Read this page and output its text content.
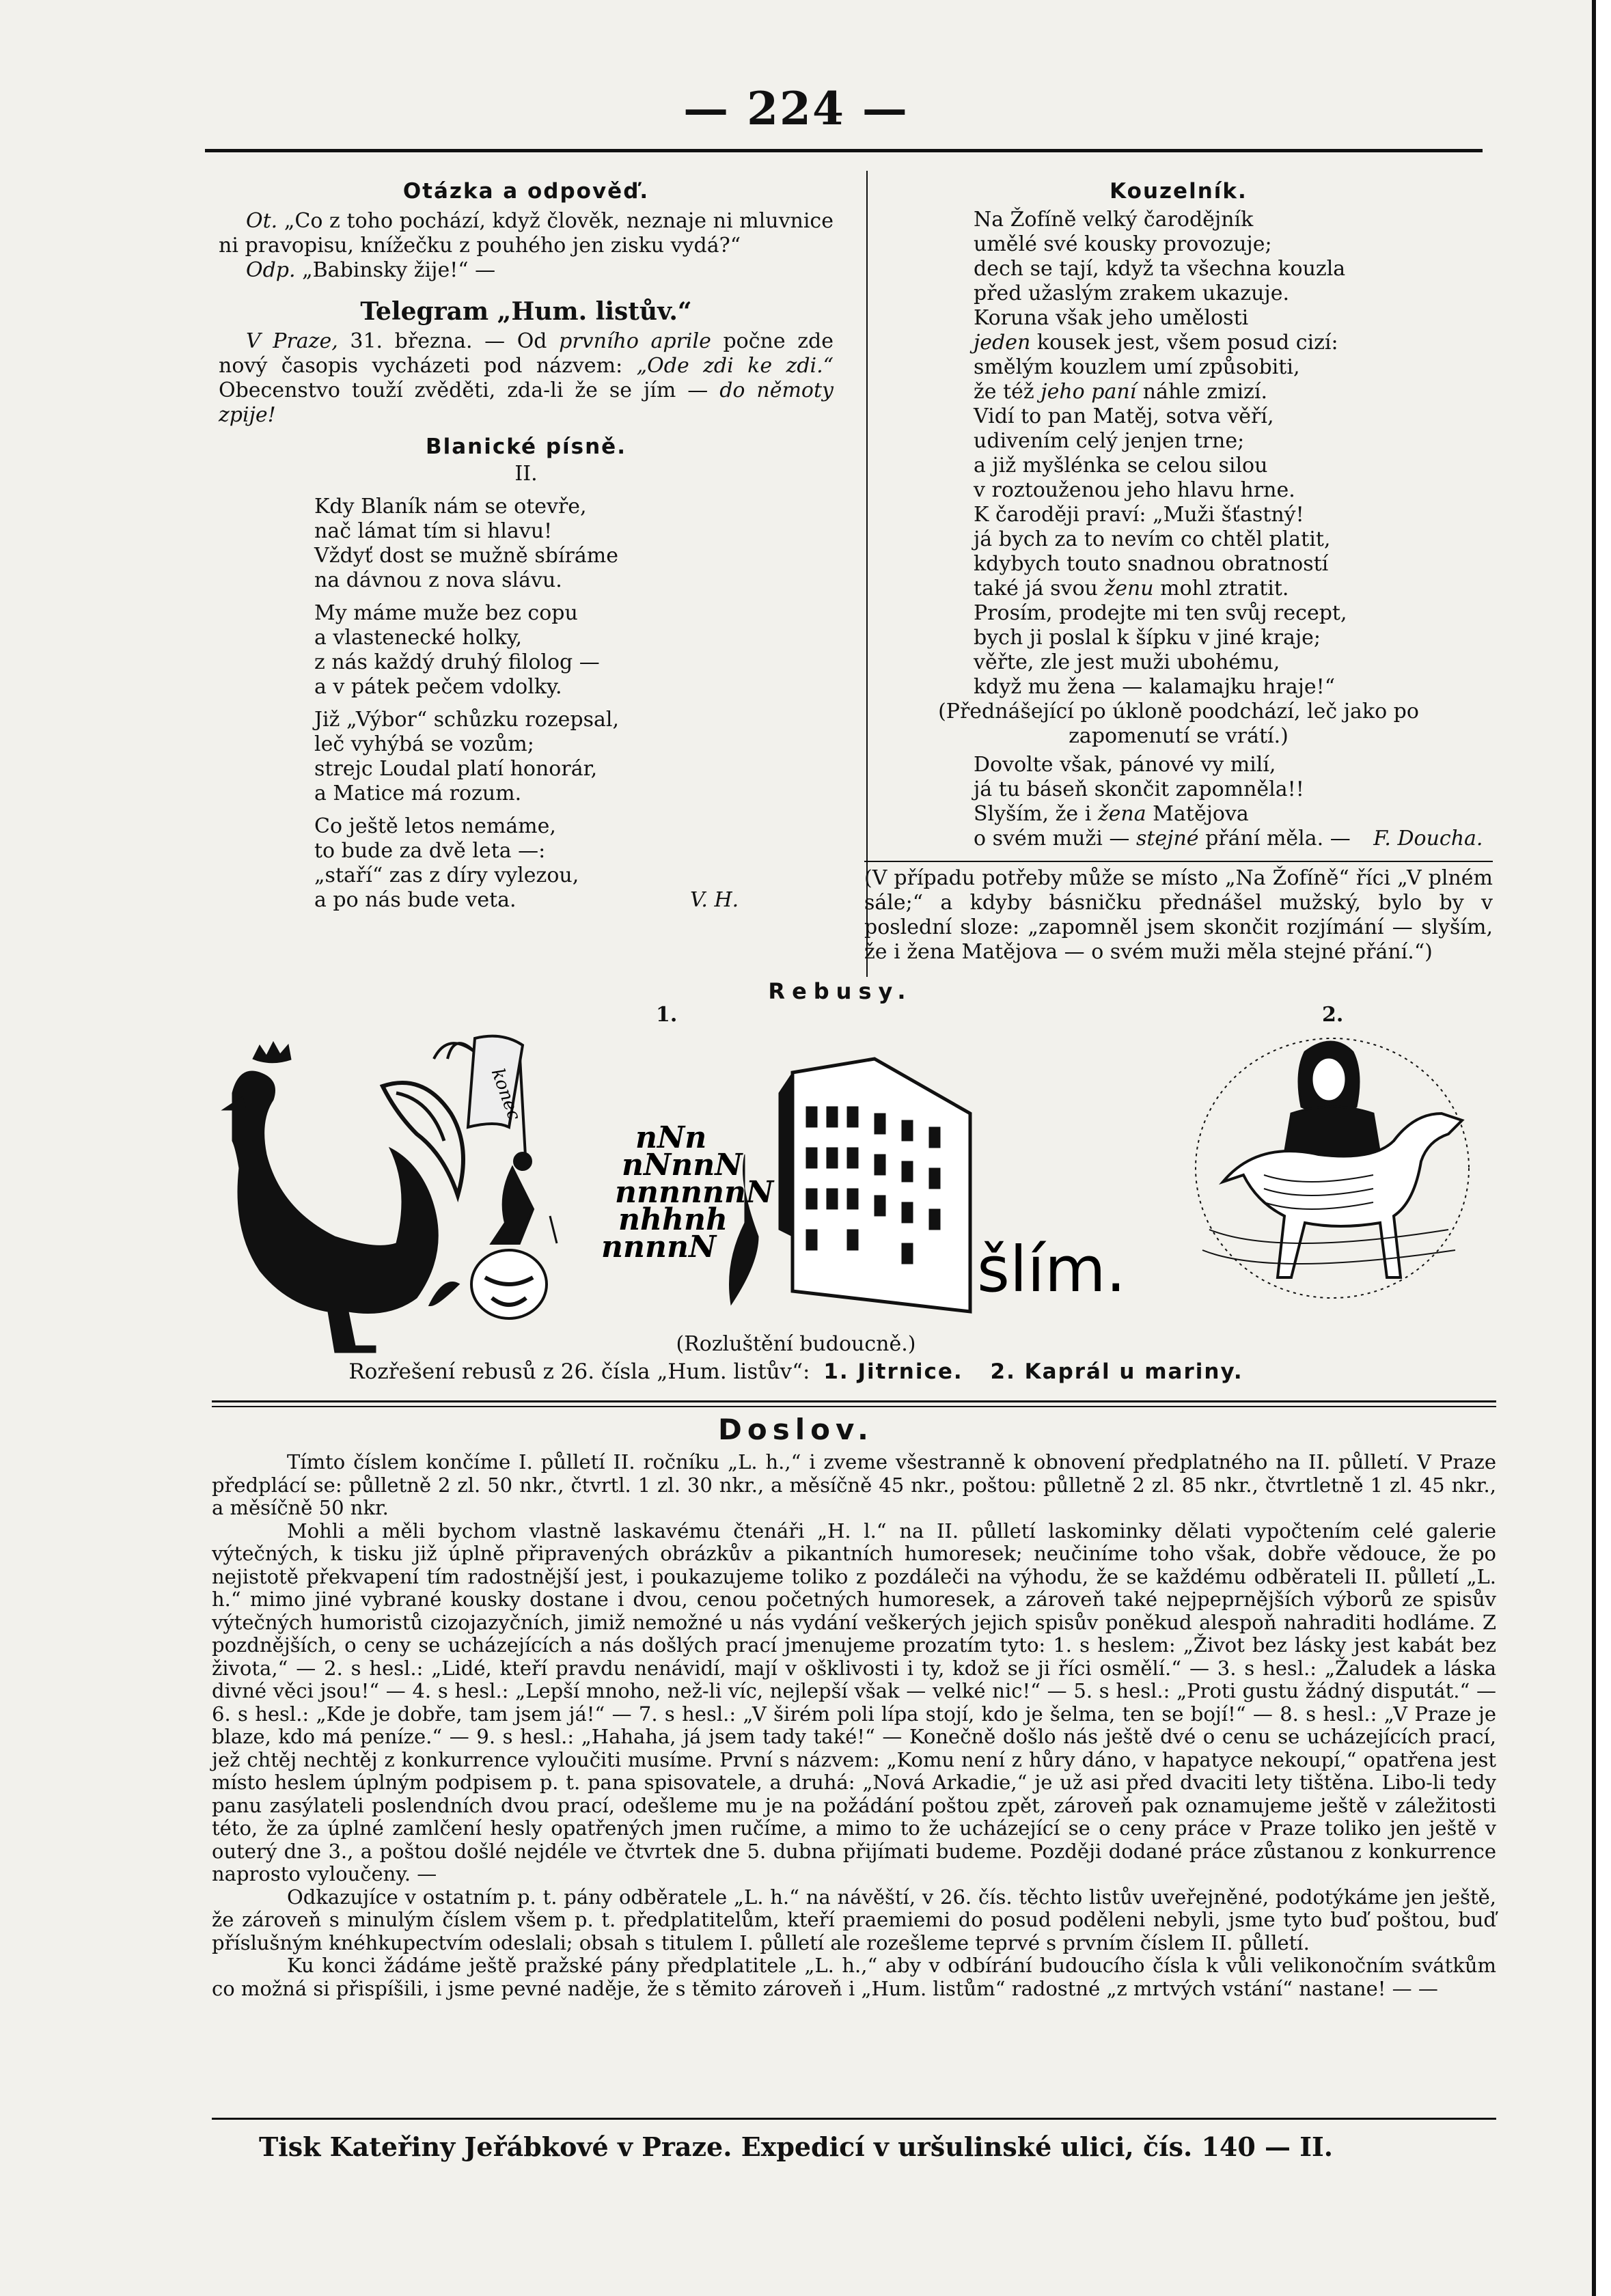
— 224 —
Otázka a odpověď.

Ot. „Co z toho pochází, když člověk, neznaje ni mluvnice ni pravopisu, knížečku z pouhého jen zisku vydá?“

Odp. „Babinsky žije!“ —

Telegram „Hum. listův.“

V Praze, 31. března. — Od prvního aprile počne zde nový časopis vycházeti pod názvem: „Ode zdi ke zdi.“ Obecenstvo touží zvěděti, zda-li že se jím — do němoty zpije!

Blanické písně.
II.
Kdy Blaník nám se otevře,
nač lámat tím si hlavu!
Vždyť dost se mužně sbíráme
na dávnou z nova slávu.
My máme muže bez copu
a vlastenecké holky,
z nás každý druhý filolog —
a v pátek pečem vdolky.
Již „Výbor“ schůzku rozepsal,
leč vyhýbá se vozům;
strejc Loudal platí honorár,
a Matice má rozum.
Co ještě letos nemáme,
to bude za dvě leta —:
„staří“ zas z díry vylezou,
a po nás bude veta.	V. H.
Kouzelník.
Na Žofíně velký čarodějník
umělé své kousky provozuje;
dech se tají, když ta všechna kouzla
před užaslým zrakem ukazuje.
Koruna však jeho umělosti
jeden kousek jest, všem posud cizí:
smělým kouzlem umí způsobiti,
že též jeho paní náhle zmizí.
Vidí to pan Matěj, sotva věří,
udivením celý jenjen trne;
a již myšlénka se celou silou
v roztouženou jeho hlavu hrne.
K čaroději praví: „Muži šťastný!
já bych za to nevím co chtěl platit,
kdybych touto snadnou obratností
také já svou ženu mohl ztratit.
Prosím, prodejte mi ten svůj recept,
bych ji poslal k šípku v jiné kraje;
věřte, zle jest muži ubohému,
když mu žena — kalamajku hraje!“

(Přednášející po úkloně poodchází, leč jako po zapomenutí se vrátí.)

Dovolte však, pánové vy milí,
já tu báseň skončit zapomněla!!
Slyším, že i žena Matějova
o svém muži — stejné přání měla. — F. Doucha.

(V případu potřeby může se místo „Na Žofíně“ říci „V plném sále;“ a kdyby básničku přednášel mužský, bylo by v poslední sloze: „zapomněl jsem skončit rozjímání — slyším, že i žena Matějova — o svém muži měla stejné přání.“)

Rebusy.
1.	2.
konec
nNn
nNnnN
nnnnnnN
nhhnh
nnnnN	šlím.
(Rozluštění budoucně.)
Rozřešení rebusů z 26. čísla „Hum. listův“: 1. Jitrnice. 2. Kaprál u mariny.
Doslov.

Tímto číslem končíme I. půlletí II. ročníku „L. h.,“ i zveme všestranně k obnovení předplatného na II. půlletí. V Praze předplácí se: půlletně 2 zl. 50 nkr., čtvrtl. 1 zl. 30 nkr., a měsíčně 45 nkr., poštou: půlletně 2 zl. 85 nkr., čtvrtletně 1 zl. 45 nkr., a měsíčně 50 nkr.

Mohli a měli bychom vlastně laskavému čtenáři „H. l.“ na II. půlletí laskominky dělati vypočtením celé galerie výtečných, k tisku již úplně připravených obrázkův a pikantních humoresek; neučiníme toho však, dobře vědouce, že po nejistotě překvapení tím radostnější jest, i poukazujeme toliko z pozdáleči na výhodu, že se každému odběrateli II. půlletí „L. h.“ mimo jiné vybrané kousky dostane i dvou, cenou početných humoresek, a zároveň také nejpeprnějších výborů ze spisův výtečných humoristů cizojazyčních, jimiž nemožné u nás vydání veškerých jejich spisův poněkud alespoň nahraditi hodláme. Z pozdnějších, o ceny se ucházejících a nás došlých prací jmenujeme prozatím tyto: 1. s heslem: „Život bez lásky jest kabát bez života,“ — 2. s hesl.: „Lidé, kteří pravdu nenávidí, mají v ošklivosti i ty, kdož se ji říci osmělí.“ — 3. s hesl.: „Žaludek a láska divné věci jsou!“ — 4. s hesl.: „Lepší mnoho, než-li víc, nejlepší však — velké nic!“ — 5. s hesl.: „Proti gustu žádný disputát.“ — 6. s hesl.: „Kde je dobře, tam jsem já!“ — 7. s hesl.: „V širém poli lípa stojí, kdo je šelma, ten se bojí!“ — 8. s hesl.: „V Praze je blaze, kdo má peníze.“ — 9. s hesl.: „Hahaha, já jsem tady také!“ — Konečně došlo nás ještě dvé o cenu se ucházejících prací, jež chtěj nechtěj z konkurrence vyloučiti musíme. První s názvem: „Komu není z hůry dáno, v hapatyce nekoupí,“ opatřena jest místo heslem úplným podpisem p. t. pana spisovatele, a druhá: „Nová Arkadie,“ je už asi před dvaciti lety tištěna. Libo-li tedy panu zasýlateli poslendních dvou prací, odešleme mu je na požádání poštou zpět, zároveň pak oznamujeme ještě v záležitosti této, že za úplné zamlčení hesly opatřených jmen ručíme, a mimo to že ucházející se o ceny práce v Praze toliko jen ještě v outerý dne 3., a poštou došlé nejdéle ve čtvrtek dne 5. dubna přijímati budeme. Později dodané práce zůstanou z konkurrence naprosto vyloučeny. —

Odkazujíce v ostatním p. t. pány odběratele „L. h.“ na návěští, v 26. čís. těchto listův uveřejněné, podotýkáme jen ještě, že zároveň s minulým číslem všem p. t. předplatitelům, kteří praemiemi do posud poděleni nebyli, jsme tyto buď poštou, buď příslušným knéhkupectvím odeslali; obsah s titulem I. půlletí ale rozešleme teprvé s prvním číslem II. půlletí.

Ku konci žádáme ještě pražské pány předplatitele „L. h.,“ aby v odbírání budoucího čísla k vůli velikonočním svátkům co možná si přispíšili, i jsme pevné naděje, že s těmito zároveň i „Hum. listům“ radostné „z mrtvých vstání“ nastane! — —

Tisk Kateřiny Jeřábkové v Praze. Expedicí v uršulinské ulici, čís. 140 — II.
